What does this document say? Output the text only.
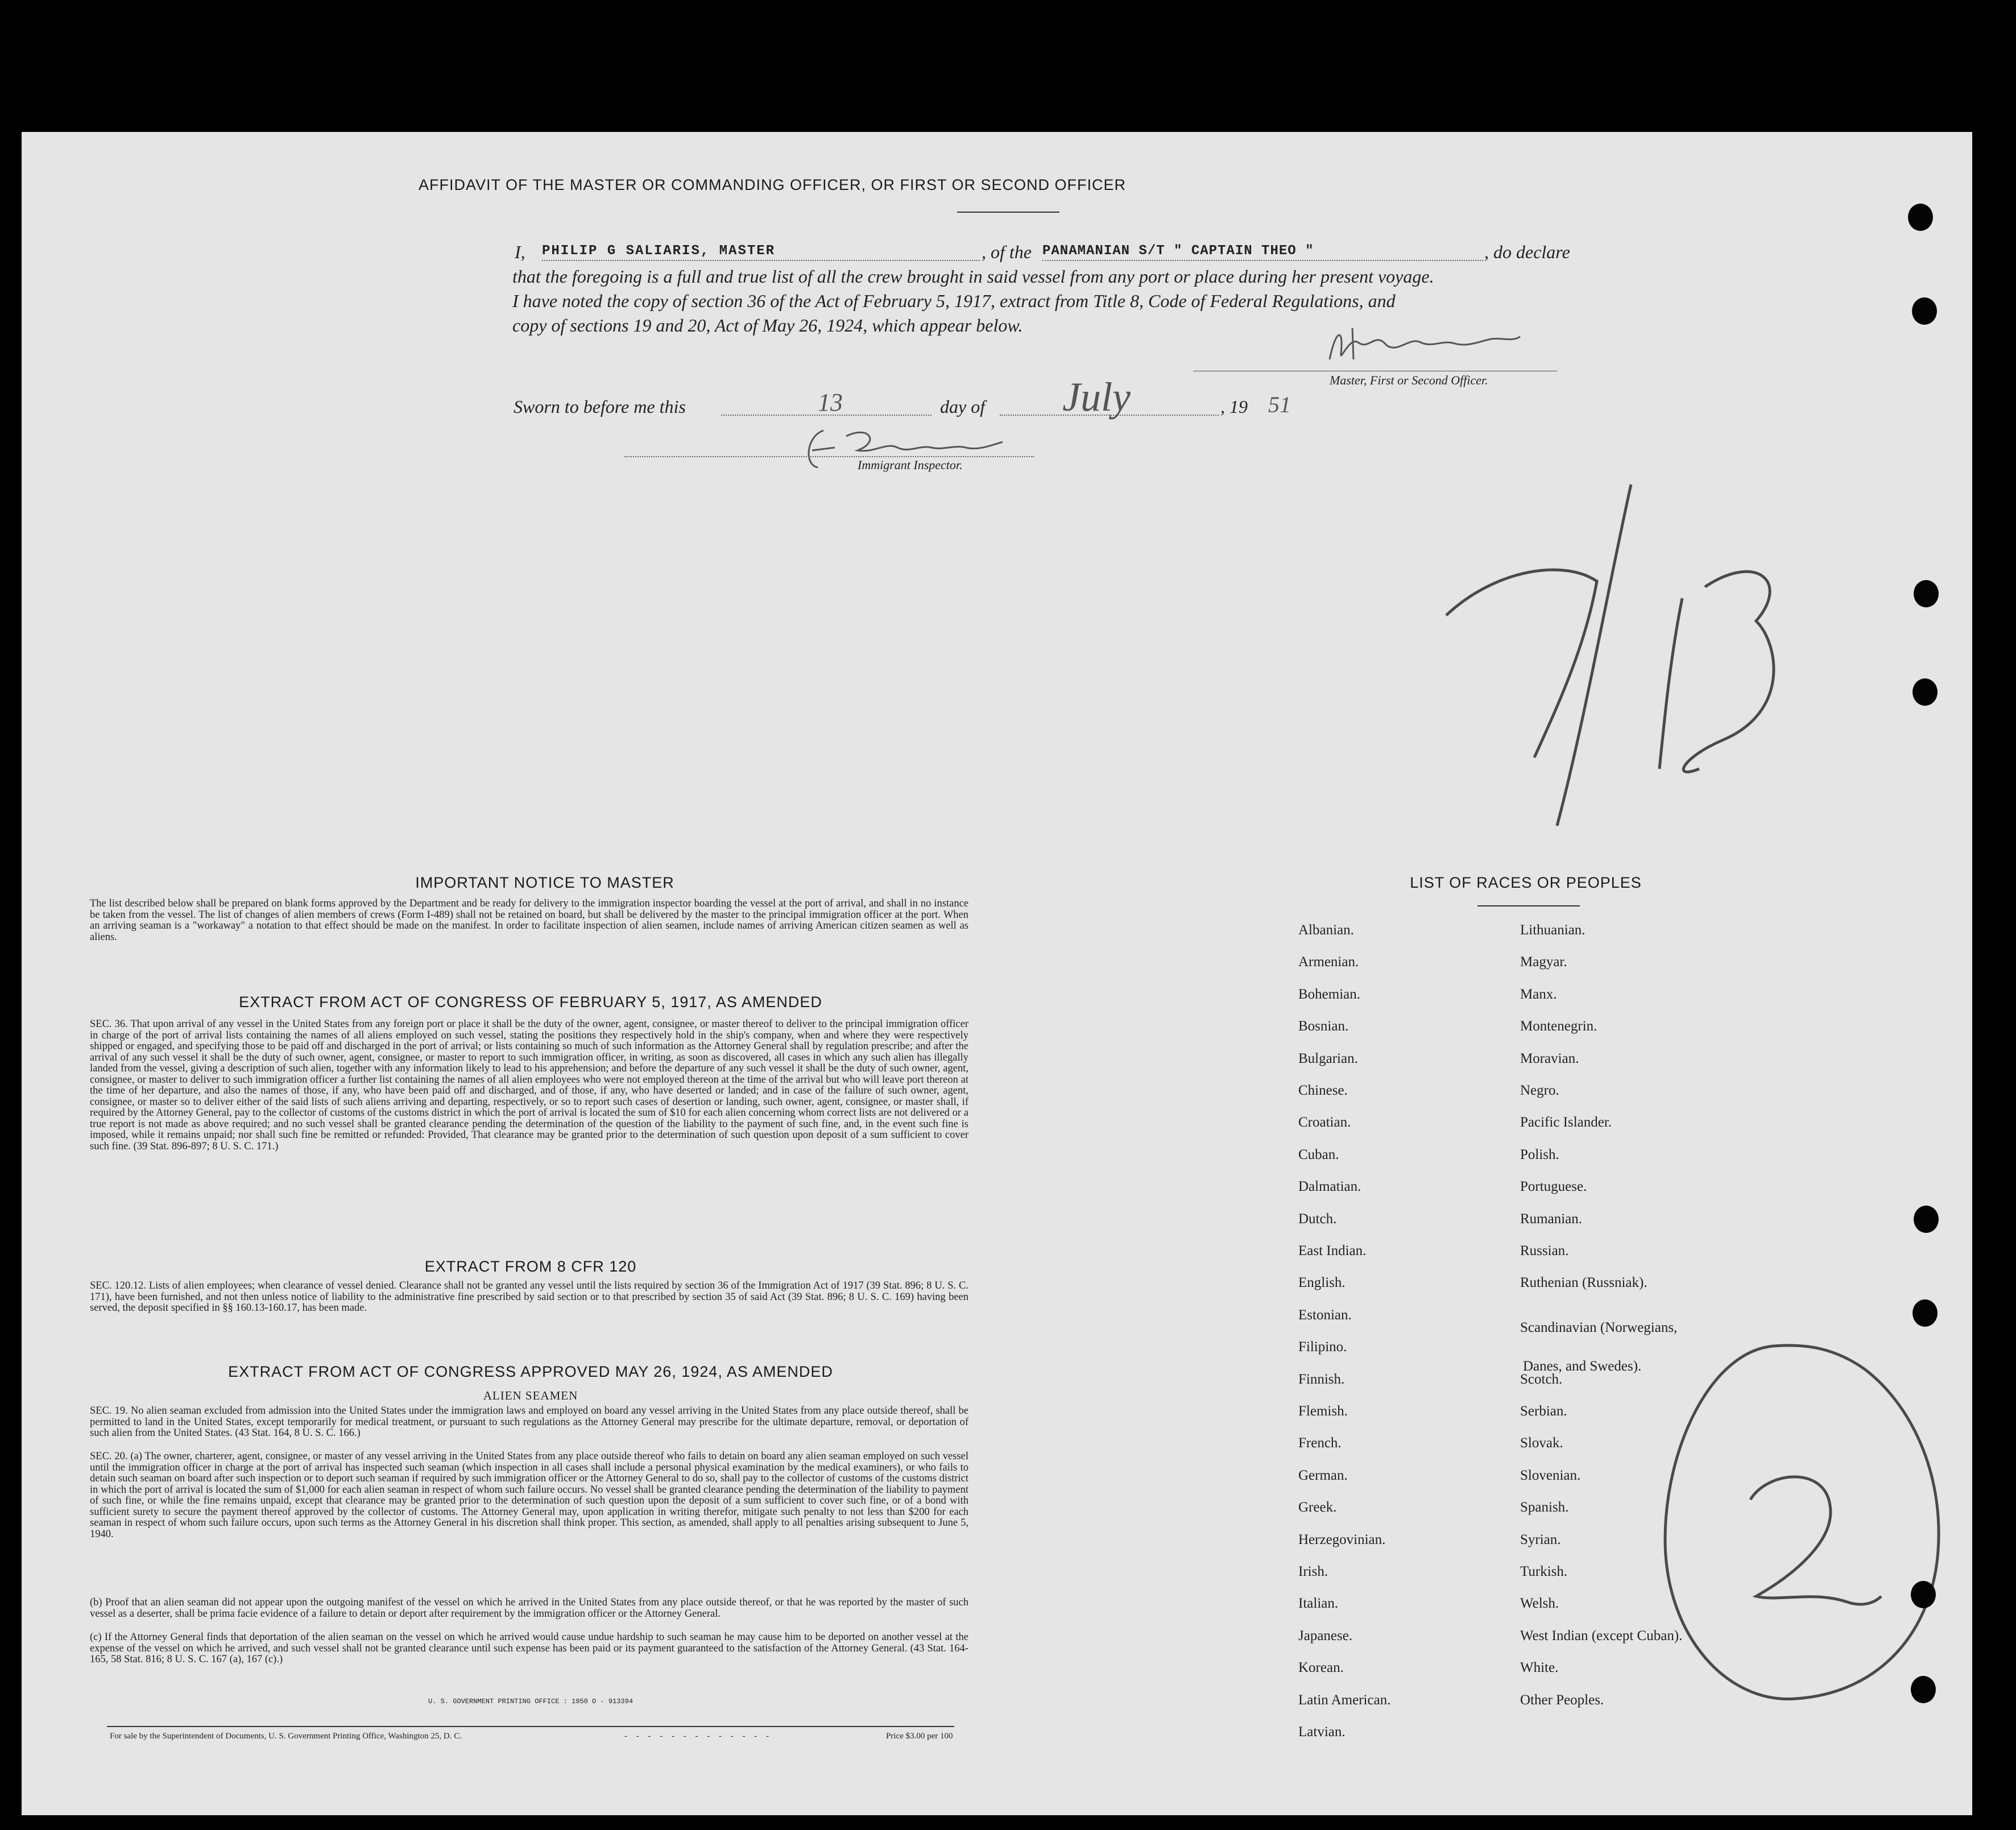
AFFIDAVIT OF THE MASTER OR COMMANDING OFFICER, OR FIRST OR SECOND OFFICER
I, PHILIP G SALIARIS, MASTER	, of the PANAMANIAN S/T " CAPTAIN THEO "	, do declare
that the foregoing is a full and true list of all the crew brought in said vessel from any port or place during her present voyage.
I have noted the copy of section 36 of the Act of February 5, 1917, extract from Title 8, Code of Federal Regulations, and
copy of sections 19 and 20, Act of May 26, 1924, which appear below.
Master, First or Second Officer.
Sworn to before me this	13	day of July	, 19 51
Immigrant Inspector.
IMPORTANT NOTICE TO MASTER
The list described below shall be prepared on blank forms approved by the Department and be ready for delivery to the immigration inspector boarding the vessel at the port of arrival, and shall in no instance be taken from the vessel. The list of changes of alien members of crews (Form I-489) shall not be retained on board, but shall be delivered by the master to the principal immigration officer at the port. When an arriving seaman is a "workaway" a notation to that effect should be made on the manifest. In order to facilitate inspection of alien seamen, include names of arriving American citizen seamen as well as aliens.
EXTRACT FROM ACT OF CONGRESS OF FEBRUARY 5, 1917, AS AMENDED
SEC. 36. That upon arrival of any vessel in the United States from any foreign port or place it shall be the duty of the owner, agent, consignee, or master thereof to deliver to the principal immigration officer in charge of the port of arrival lists containing the names of all aliens employed on such vessel, stating the positions they respectively hold in the ship's company, when and where they were respectively shipped or engaged, and specifying those to be paid off and discharged in the port of arrival; or lists containing so much of such information as the Attorney General shall by regulation prescribe; and after the arrival of any such vessel it shall be the duty of such owner, agent, consignee, or master to report to such immigration officer, in writing, as soon as discovered, all cases in which any such alien has illegally landed from the vessel, giving a description of such alien, together with any information likely to lead to his apprehension; and before the departure of any such vessel it shall be the duty of such owner, agent, consignee, or master to deliver to such immigration officer a further list containing the names of all alien employees who were not employed thereon at the time of the arrival but who will leave port thereon at the time of her departure, and also the names of those, if any, who have been paid off and discharged, and of those, if any, who have deserted or landed; and in case of the failure of such owner, agent, consignee, or master so to deliver either of the said lists of such aliens arriving and departing, respectively, or so to report such cases of desertion or landing, such owner, agent, consignee, or master shall, if required by the Attorney General, pay to the collector of customs of the customs district in which the port of arrival is located the sum of $10 for each alien concerning whom correct lists are not delivered or a true report is not made as above required; and no such vessel shall be granted clearance pending the determination of the question of the liability to the payment of such fine, and, in the event such fine is imposed, while it remains unpaid; nor shall such fine be remitted or refunded: Provided, That clearance may be granted prior to the determination of such question upon deposit of a sum sufficient to cover such fine. (39 Stat. 896-897; 8 U. S. C. 171.)
EXTRACT FROM 8 CFR 120
SEC. 120.12. Lists of alien employees; when clearance of vessel denied. Clearance shall not be granted any vessel until the lists required by section 36 of the Immigration Act of 1917 (39 Stat. 896; 8 U. S. C. 171), have been furnished, and not then unless notice of liability to the administrative fine prescribed by said section or to that prescribed by section 35 of said Act (39 Stat. 896; 8 U. S. C. 169) having been served, the deposit specified in §§ 160.13-160.17, has been made.
EXTRACT FROM ACT OF CONGRESS APPROVED MAY 26, 1924, AS AMENDED
ALIEN SEAMEN
SEC. 19. No alien seaman excluded from admission into the United States under the immigration laws and employed on board any vessel arriving in the United States from any place outside thereof, shall be permitted to land in the United States, except temporarily for medical treatment, or pursuant to such regulations as the Attorney General may prescribe for the ultimate departure, removal, or deportation of such alien from the United States. (43 Stat. 164, 8 U. S. C. 166.)
SEC. 20. (a) The owner, charterer, agent, consignee, or master of any vessel arriving in the United States from any place outside thereof who fails to detain on board any alien seaman employed on such vessel until the immigration officer in charge at the port of arrival has inspected such seaman (which inspection in all cases shall include a personal physical examination by the medical examiners), or who fails to detain such seaman on board after such inspection or to deport such seaman if required by such immigration officer or the Attorney General to do so, shall pay to the collector of customs of the customs district in which the port of arrival is located the sum of $1,000 for each alien seaman in respect of whom such failure occurs. No vessel shall be granted clearance pending the determination of the liability to payment of such fine, or while the fine remains unpaid, except that clearance may be granted prior to the determination of such question upon the deposit of a sum sufficient to cover such fine, or of a bond with sufficient surety to secure the payment thereof approved by the collector of customs. The Attorney General may, upon application in writing therefor, mitigate such penalty to not less than $200 for each seaman in respect of whom such failure occurs, upon such terms as the Attorney General in his discretion shall think proper. This section, as amended, shall apply to all penalties arising subsequent to June 5, 1940.
(b) Proof that an alien seaman did not appear upon the outgoing manifest of the vessel on which he arrived in the United States from any place outside thereof, or that he was reported by the master of such vessel as a deserter, shall be prima facie evidence of a failure to detain or deport after requirement by the immigration officer or the Attorney General.
(c) If the Attorney General finds that deportation of the alien seaman on the vessel on which he arrived would cause undue hardship to such seaman he may cause him to be deported on another vessel at the expense of the vessel on which he arrived, and such vessel shall not be granted clearance until such expense has been paid or its payment guaranteed to the satisfaction of the Attorney General. (43 Stat. 164-165, 58 Stat. 816; 8 U. S. C. 167 (a), 167 (c).)
U. S. GOVERNMENT PRINTING OFFICE : 1950 O - 913394
For sale by the Superintendent of Documents, U. S. Government Printing Office, Washington 25, D. C.	- - - - - - - - - - - - -	Price $3.00 per 100
LIST OF RACES OR PEOPLES
Albanian.
Armenian.
Bohemian.
Bosnian.
Bulgarian.
Chinese.
Croatian.
Cuban.
Dalmatian.
Dutch.
East Indian.
English.
Estonian.
Filipino.
Finnish.
Flemish.
French.
German.
Greek.
Herzegovinian.
Irish.
Italian.
Japanese.
Korean.
Latin American.
Latvian.
Lithuanian.
Magyar.
Manx.
Montenegrin.
Moravian.
Negro.
Pacific Islander.
Polish.
Portuguese.
Rumanian.
Russian.
Ruthenian (Russniak).
Scandinavian (Norwegians,
Danes, and Swedes).
Scotch.
Serbian.
Slovak.
Slovenian.
Spanish.
Syrian.
Turkish.
Welsh.
West Indian (except Cuban).
White.
Other Peoples.
